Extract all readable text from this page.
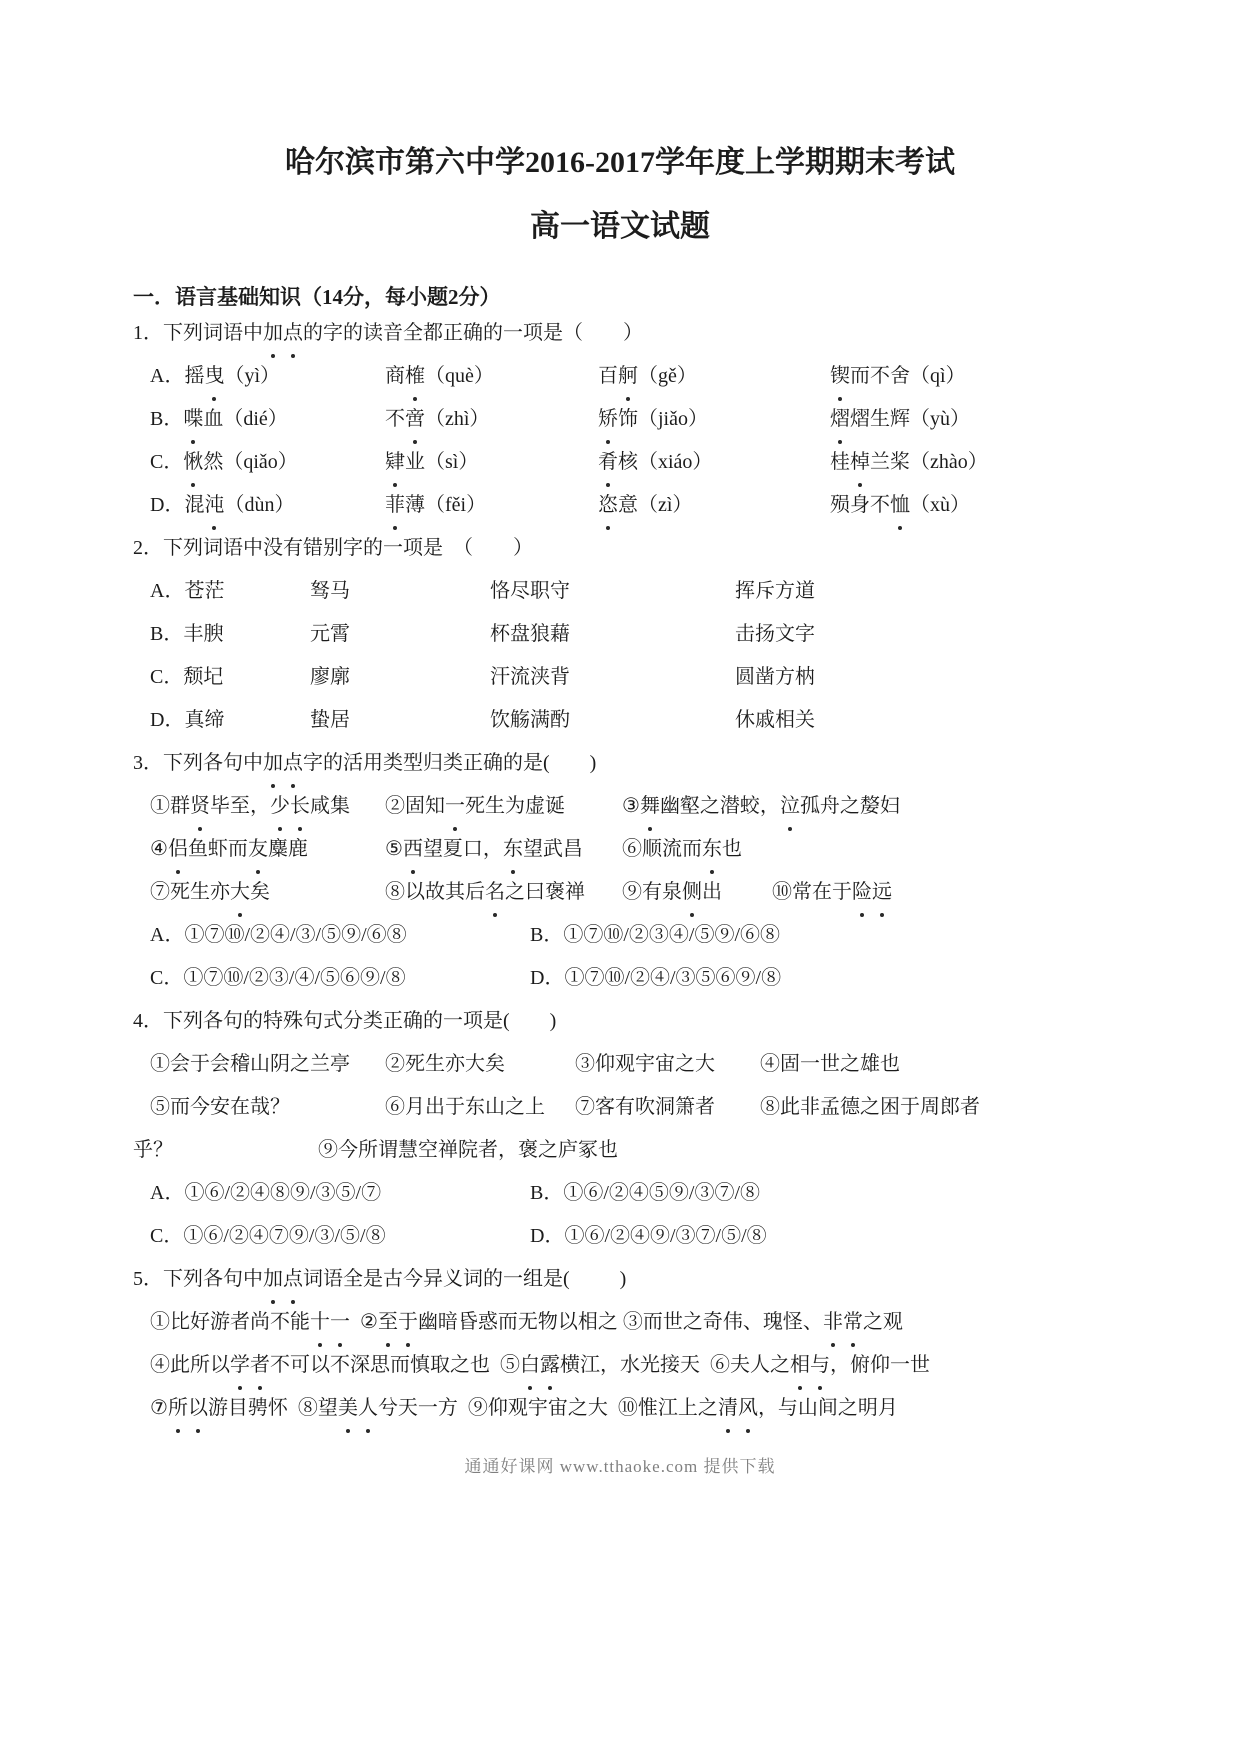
哈尔滨市第六中学2016-2017学年度上学期期末考试
高一语文试题
一．语言基础知识（14分，每小题2分）
1．下列词语中加点的字的读音全都正确的一项是（        ）
A．摇曳（yì）	商榷（què）	百舸（gě）	锲而不舍（qì）
B．喋血（dié）	不啻（zhì）	矫饰（jiǎo）	熠熠生辉（yù）
C．愀然（qiǎo）	肄业（sì）	肴核（xiáo）	桂棹兰桨（zhào）
D．混沌（dùn）	菲薄（fěi）	恣意（zì）	殒身不恤（xù）
2．下列词语中没有错别字的一项是  （        ）
A．苍茫	驽马	恪尽职守	挥斥方道
B．丰腴	元霄	杯盘狼藉	击扬文字
C．颓圮	廖廓	汗流浃背	圆凿方枘
D．真缔	蛰居	饮觞满酌	休戚相关
3．下列各句中加点字的活用类型归类正确的是(        )
①群贤毕至，少长咸集	②固知一死生为虚诞	③舞幽壑之潜蛟，泣孤舟之嫠妇
④侣鱼虾而友麋鹿	⑤西望夏口，东望武昌	⑥顺流而东也
⑦死生亦大矣	⑧以故其后名之曰褒禅	⑨有泉侧出	⑩常在于险远
A．①⑦⑩/②④/③/⑤⑨/⑥⑧	B．①⑦⑩/②③④/⑤⑨/⑥⑧
C．①⑦⑩/②③/④/⑤⑥⑨/⑧	D．①⑦⑩/②④/③⑤⑥⑨/⑧
4．下列各句的特殊句式分类正确的一项是(        )
①会于会稽山阴之兰亭	②死生亦大矣	③仰观宇宙之大	④固一世之雄也
⑤而今安在哉？	⑥月出于东山之上	⑦客有吹洞箫者	⑧此非孟德之困于周郎者
乎？	⑨今所谓慧空禅院者，褒之庐冢也
A．①⑥/②④⑧⑨/③⑤/⑦	B．①⑥/②④⑤⑨/③⑦/⑧
C．①⑥/②④⑦⑨/③/⑤/⑧	D．①⑥/②④⑨/③⑦/⑤/⑧
5．下列各句中加点词语全是古今异义词的一组是(          )
①比好游者尚不能十一  ②至于幽暗昏惑而无物以相之 ③而世之奇伟、瑰怪、非常之观
④此所以学者不可以不深思而慎取之也  ⑤白露横江，水光接天  ⑥夫人之相与，俯仰一世
⑦所以游目骋怀  ⑧望美人兮天一方  ⑨仰观宇宙之大  ⑩惟江上之清风，与山间之明月
通通好课网 www.tthaoke.com 提供下载
